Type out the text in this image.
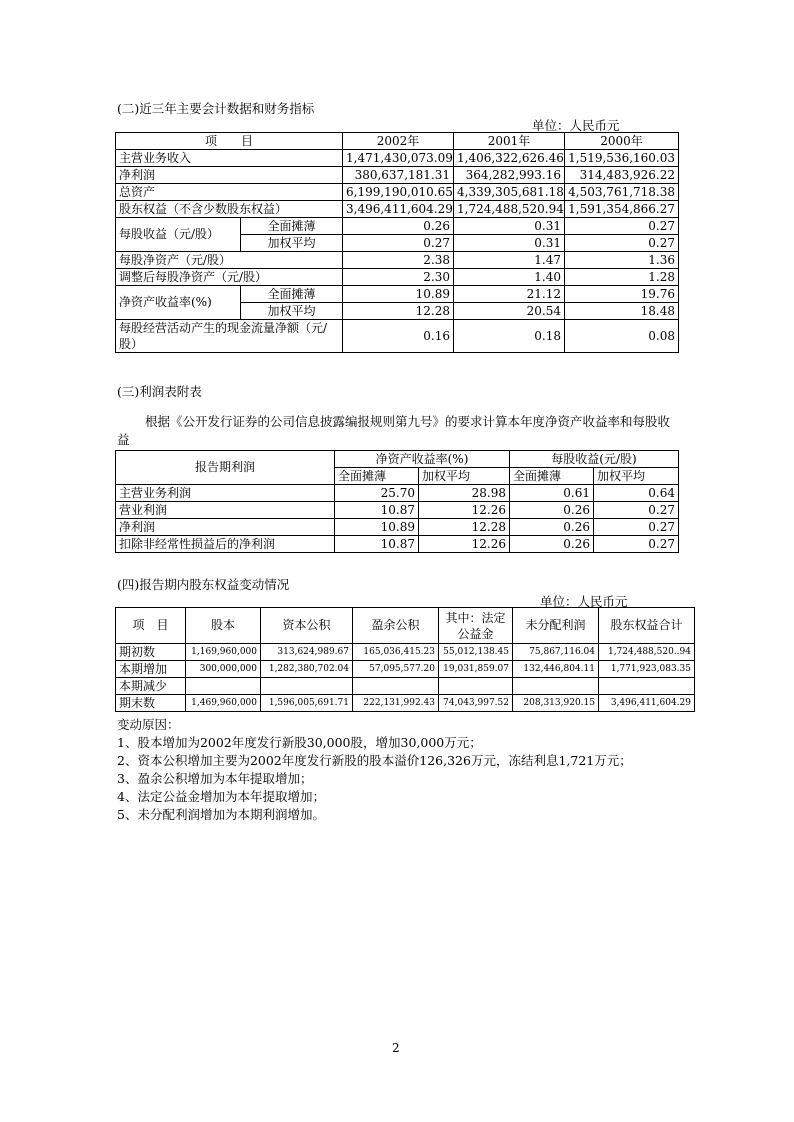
(二)近三年主要会计数据和财务指标
单位：人民币元
项　　目		2002年	2001年	2000年
主营业务收入		1,471,430,073.09	1,406,322,626.46	1,519,536,160.03
净利润		380,637,181.31	364,282,993.16	314,483,926.22
总资产		6,199,190,010.65	4,339,305,681.18	4,503,761,718.38
股东权益（不含少数股东权益）		3,496,411,604.29	1,724,488,520.94	1,591,354,866.27
每股收益（元/股）	全面摊薄	0.26	0.31	0.27
	加权平均	0.27	0.31	0.27
每股净资产（元/股）		2.38	1.47	1.36
调整后每股净资产（元/股）		2.30	1.40	1.28
净资产收益率(%)	全面摊薄	10.89	21.12	19.76
	加权平均	12.28	20.54	18.48
每股经营活动产生的现金流量净额（元/股）		0.16	0.18	0.08
(三)利润表附表
根据《公开发行证券的公司信息披露编报规则第九号》的要求计算本年度净资产收益率和每股收益
报告期利润	净资产收益率(%)		每股收益(元/股)	
	全面摊薄	加权平均	全面摊薄	加权平均
主营业务利润	25.70	28.98	0.61	0.64
营业利润	10.87	12.26	0.26	0.27
净利润	10.89	12.28	0.26	0.27
扣除非经常性损益后的净利润	10.87	12.26	0.26	0.27
(四)报告期内股东权益变动情况
单位：人民币元
项　目	股本	资本公积	盈余公积	其中：法定公益金	未分配利润	股东权益合计
期初数	1,169,960,000	313,624,989.67	165,036,415.23	55,012,138.45	75,867,116.04	1,724,488,520..94
本期增加	300,000,000	1,282,380,702.04	57,095,577.20	19,031,859.07	132,446,804.11	1,771,923,083.35
本期减少						
期末数	1,469,960,000	1,596,005,691.71	222,131,992.43	74,043,997.52	208,313,920.15	3,496,411,604.29
变动原因：
1、股本增加为2002年度发行新股30,000股，增加30,000万元；
2、资本公积增加主要为2002年度发行新股的股本溢价126,326万元，冻结利息1,721万元；
3、盈余公积增加为本年提取增加；
4、法定公益金增加为本年提取增加；
5、未分配利润增加为本期利润增加。
2
